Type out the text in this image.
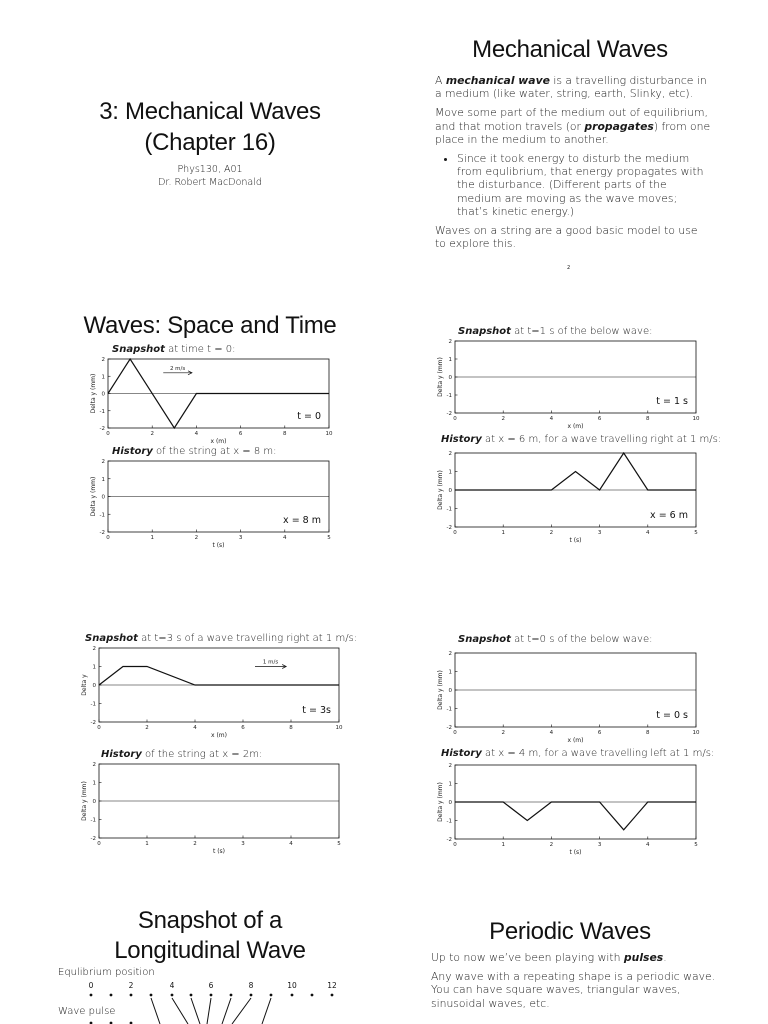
3: Mechanical Waves
(Chapter 16)
Phys130, A01
Dr. Robert MacDonald
Mechanical Waves

A mechanical wave is a travelling disturbance in a medium (like water, string, earth, Slinky, etc).

Move some part of the medium out of equilibrium, and that motion travels (or propagates) from one place in the medium to another.

• Since it took energy to disturb the medium from equlibrium, that energy propagates with the disturbance. (Different parts of the medium are moving as the wave moves; that’s kinetic energy.)

Waves on a string are a good basic model to use to explore this.

2
Waves: Space and Time
Snapshot at time t = 0:
0	2	4	6	8	10
-2
-1
0
1
2
x (m)
Delta y (mm)
t = 0
2 m/s
History of the string at x = 8 m:
0	1	2	3	4	5
-2
-1
0
1
2
t (s)
Delta y (mm)
x = 8 m
Snapshot at t=1 s of the below wave:
0	2	4	6	8	10
-2
-1
0
1
2
x (m)
Delta y (mm)
t = 1 s
History at x = 6 m, for a wave travelling right at 1 m/s:
0	1	2	3	4	5
-2
-1
0
1
2
t (s)
Delta y (mm)
x = 6 m
Snapshot at t=3 s of a wave travelling right at 1 m/s:
0	2	4	6	8	10
-2
-1
0
1
2
x (m)
Delta y
t = 3s
1 m/s
History of the string at x = 2m:
0	1	2	3	4	5
-2
-1
0
1
2
t (s)
Delta y (mm)
Snapshot at t=0 s of the below wave:
0	2	4	6	8	10
-2
-1
0
1
2
x (m)
Delta y (mm)
t = 0 s
History at x = 4 m, for a wave travelling left at 1 m/s:
0	1	2	3	4	5
-2
-1
0
1
2
t (s)
Delta y (mm)
Snapshot of a
Longitudinal Wave
Equlibrium position
Wave pulse
0	2	4	6	8	10	12
Periodic Waves

Up to now we’ve been playing with pulses.

Any wave with a repeating shape is a periodic wave. You can have square waves, triangular waves, sinusoidal waves, etc.
